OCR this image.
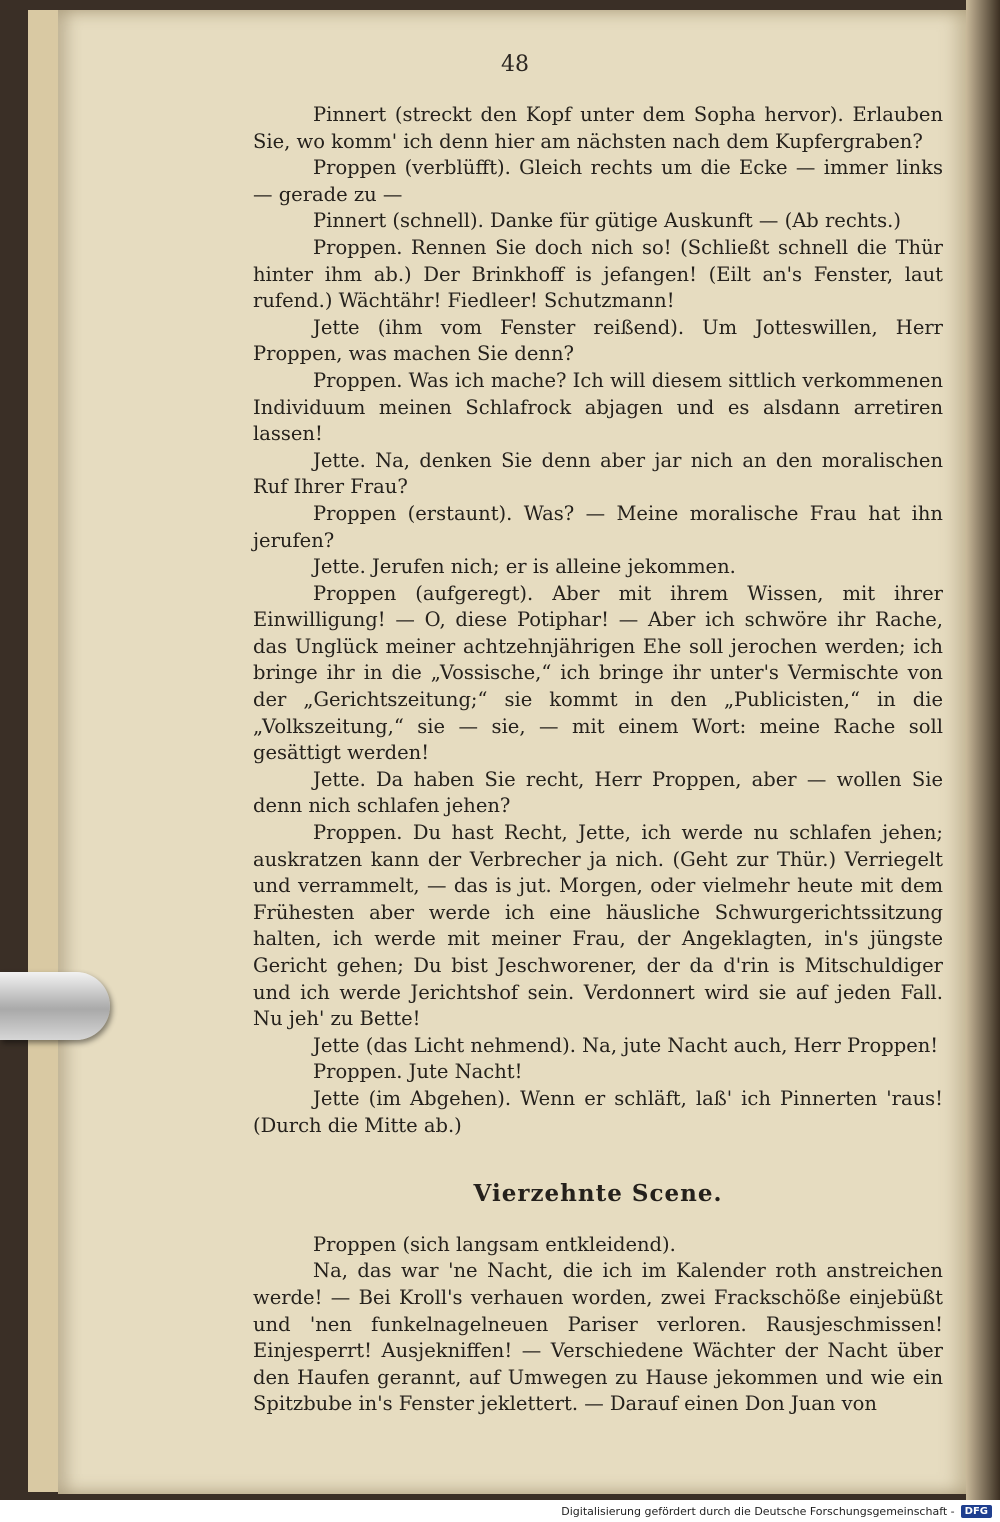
48

Pinnert (streckt den Kopf unter dem Sopha hervor). Erlauben Sie, wo komm' ich denn hier am nächsten nach dem Kupfergraben?

Proppen (verblüfft). Gleich rechts um die Ecke — immer links — gerade zu —

Pinnert (schnell). Danke für gütige Auskunft — (Ab rechts.)

Proppen. Rennen Sie doch nich so! (Schließt schnell die Thür hinter ihm ab.) Der Brinkhoff is jefangen! (Eilt an's Fenster, laut rufend.) Wächtähr! Fiedleer! Schutzmann!

Jette (ihm vom Fenster reißend). Um Jotteswillen, Herr Proppen, was machen Sie denn?

Proppen. Was ich mache? Ich will diesem sittlich verkommenen Individuum meinen Schlafrock abjagen und es alsdann arretiren lassen!

Jette. Na, denken Sie denn aber jar nich an den moralischen Ruf Ihrer Frau?

Proppen (erstaunt). Was? — Meine moralische Frau hat ihn jerufen?

Jette. Jerufen nich; er is alleine jekommen.

Proppen (aufgeregt). Aber mit ihrem Wissen, mit ihrer Einwilligung! — O, diese Potiphar! — Aber ich schwöre ihr Rache, das Unglück meiner achtzehnjährigen Ehe soll jerochen werden; ich bringe ihr in die „Vossische,“ ich bringe ihr unter's Vermischte von der „Gerichtszeitung;“ sie kommt in den „Publicisten,“ in die „Volkszeitung,“ sie — sie, — mit einem Wort: meine Rache soll gesättigt werden!

Jette. Da haben Sie recht, Herr Proppen, aber — wollen Sie denn nich schlafen jehen?

Proppen. Du hast Recht, Jette, ich werde nu schlafen jehen; auskratzen kann der Verbrecher ja nich. (Geht zur Thür.) Verriegelt und verrammelt, — das is jut. Morgen, oder vielmehr heute mit dem Frühesten aber werde ich eine häusliche Schwurgerichtssitzung halten, ich werde mit meiner Frau, der Angeklagten, in's jüngste Gericht gehen; Du bist Jeschworener, der da d'rin is Mitschuldiger und ich werde Jerichtshof sein. Verdonnert wird sie auf jeden Fall. Nu jeh' zu Bette!

Jette (das Licht nehmend). Na, jute Nacht auch, Herr Proppen!

Proppen. Jute Nacht!

Jette (im Abgehen). Wenn er schläft, laß' ich Pinnerten 'raus! (Durch die Mitte ab.)

Vierzehnte Scene.

Proppen (sich langsam entkleidend).

Na, das war 'ne Nacht, die ich im Kalender roth anstreichen werde! — Bei Kroll's verhauen worden, zwei Frackschöße einjebüßt und 'nen funkelnagelneuen Pariser verloren. Rausjeschmissen! Einjesperrt! Ausjekniffen! — Verschiedene Wächter der Nacht über den Haufen gerannt, auf Umwegen zu Hause jekommen und wie ein Spitzbube in's Fenster jeklettert. — Darauf einen Don Juan von

Digitalisierung gefördert durch die Deutsche Forschungsgemeinschaft -	DFG
